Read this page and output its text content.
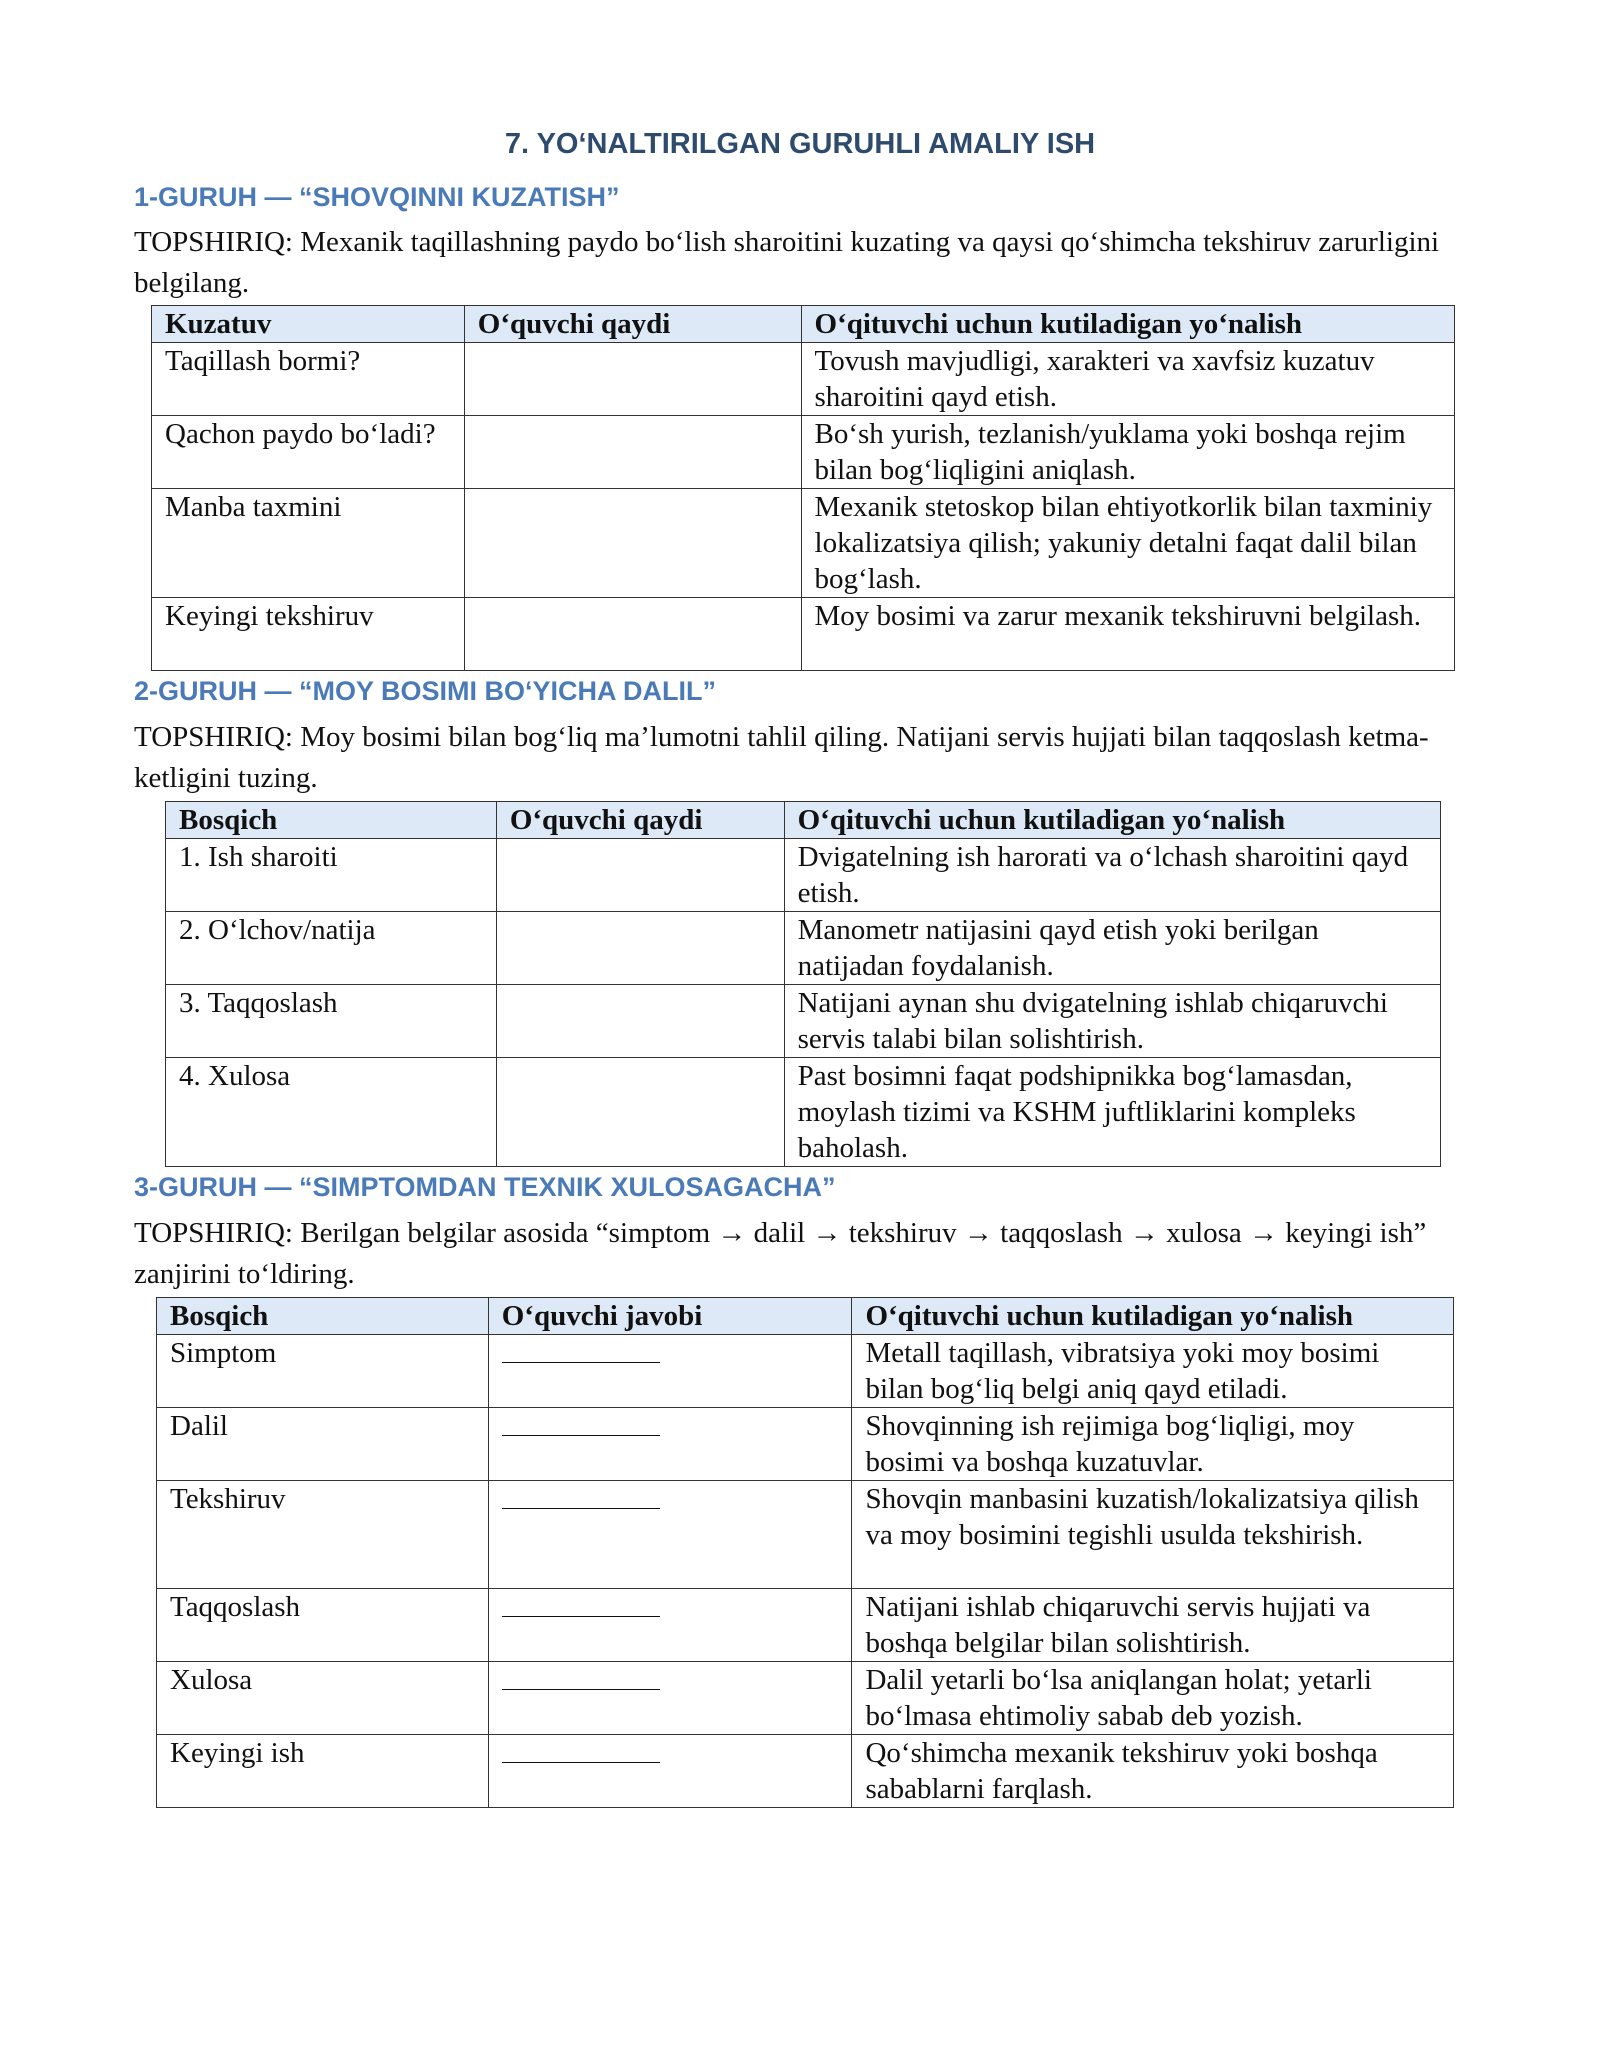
7. YO‘NALTIRILGAN GURUHLI AMALIY ISH
1-GURUH — “SHOVQINNI KUZATISH”
TOPSHIRIQ: Mexanik taqillashning paydo bo‘lish sharoitini kuzating va qaysi qo‘shimcha tekshiruv zarurligini belgilang.
Kuzatuv	O‘quvchi qaydi	O‘qituvchi uchun kutiladigan yo‘nalish
Taqillash bormi?		Tovush mavjudligi, xarakteri va xavfsiz kuzatuv sharoitini qayd etish.
Qachon paydo bo‘ladi?		Bo‘sh yurish, tezlanish/yuklama yoki boshqa rejim bilan bog‘liqligini aniqlash.
Manba taxmini		Mexanik stetoskop bilan ehtiyotkorlik bilan taxminiy lokalizatsiya qilish; yakuniy detalni faqat dalil bilan bog‘lash.
Keyingi tekshiruv		Moy bosimi va zarur mexanik tekshiruvni belgilash.
2-GURUH — “MOY BOSIMI BO‘YICHA DALIL”
TOPSHIRIQ: Moy bosimi bilan bog‘liq ma’lumotni tahlil qiling. Natijani servis hujjati bilan taqqoslash ketma-ketligini tuzing.
Bosqich	O‘quvchi qaydi	O‘qituvchi uchun kutiladigan yo‘nalish
1. Ish sharoiti		Dvigatelning ish harorati va o‘lchash sharoitini qayd etish.
2. O‘lchov/natija		Manometr natijasini qayd etish yoki berilgan natijadan foydalanish.
3. Taqqoslash		Natijani aynan shu dvigatelning ishlab chiqaruvchi servis talabi bilan solishtirish.
4. Xulosa		Past bosimni faqat podshipnikka bog‘lamasdan, moylash tizimi va KSHM juftliklarini kompleks baholash.
3-GURUH — “SIMPTOMDAN TEXNIK XULOSAGACHA”
TOPSHIRIQ: Berilgan belgilar asosida “simptom → dalil → tekshiruv → taqqoslash → xulosa → keyingi ish” zanjirini to‘ldiring.
Bosqich	O‘quvchi javobi	O‘qituvchi uchun kutiladigan yo‘nalish
Simptom		Metall taqillash, vibratsiya yoki moy bosimi bilan bog‘liq belgi aniq qayd etiladi.
Dalil		Shovqinning ish rejimiga bog‘liqligi, moy bosimi va boshqa kuzatuvlar.
Tekshiruv		Shovqin manbasini kuzatish/lokalizatsiya qilish va moy bosimini tegishli usulda tekshirish.
Taqqoslash		Natijani ishlab chiqaruvchi servis hujjati va boshqa belgilar bilan solishtirish.
Xulosa		Dalil yetarli bo‘lsa aniqlangan holat; yetarli bo‘lmasa ehtimoliy sabab deb yozish.
Keyingi ish		Qo‘shimcha mexanik tekshiruv yoki boshqa sabablarni farqlash.
